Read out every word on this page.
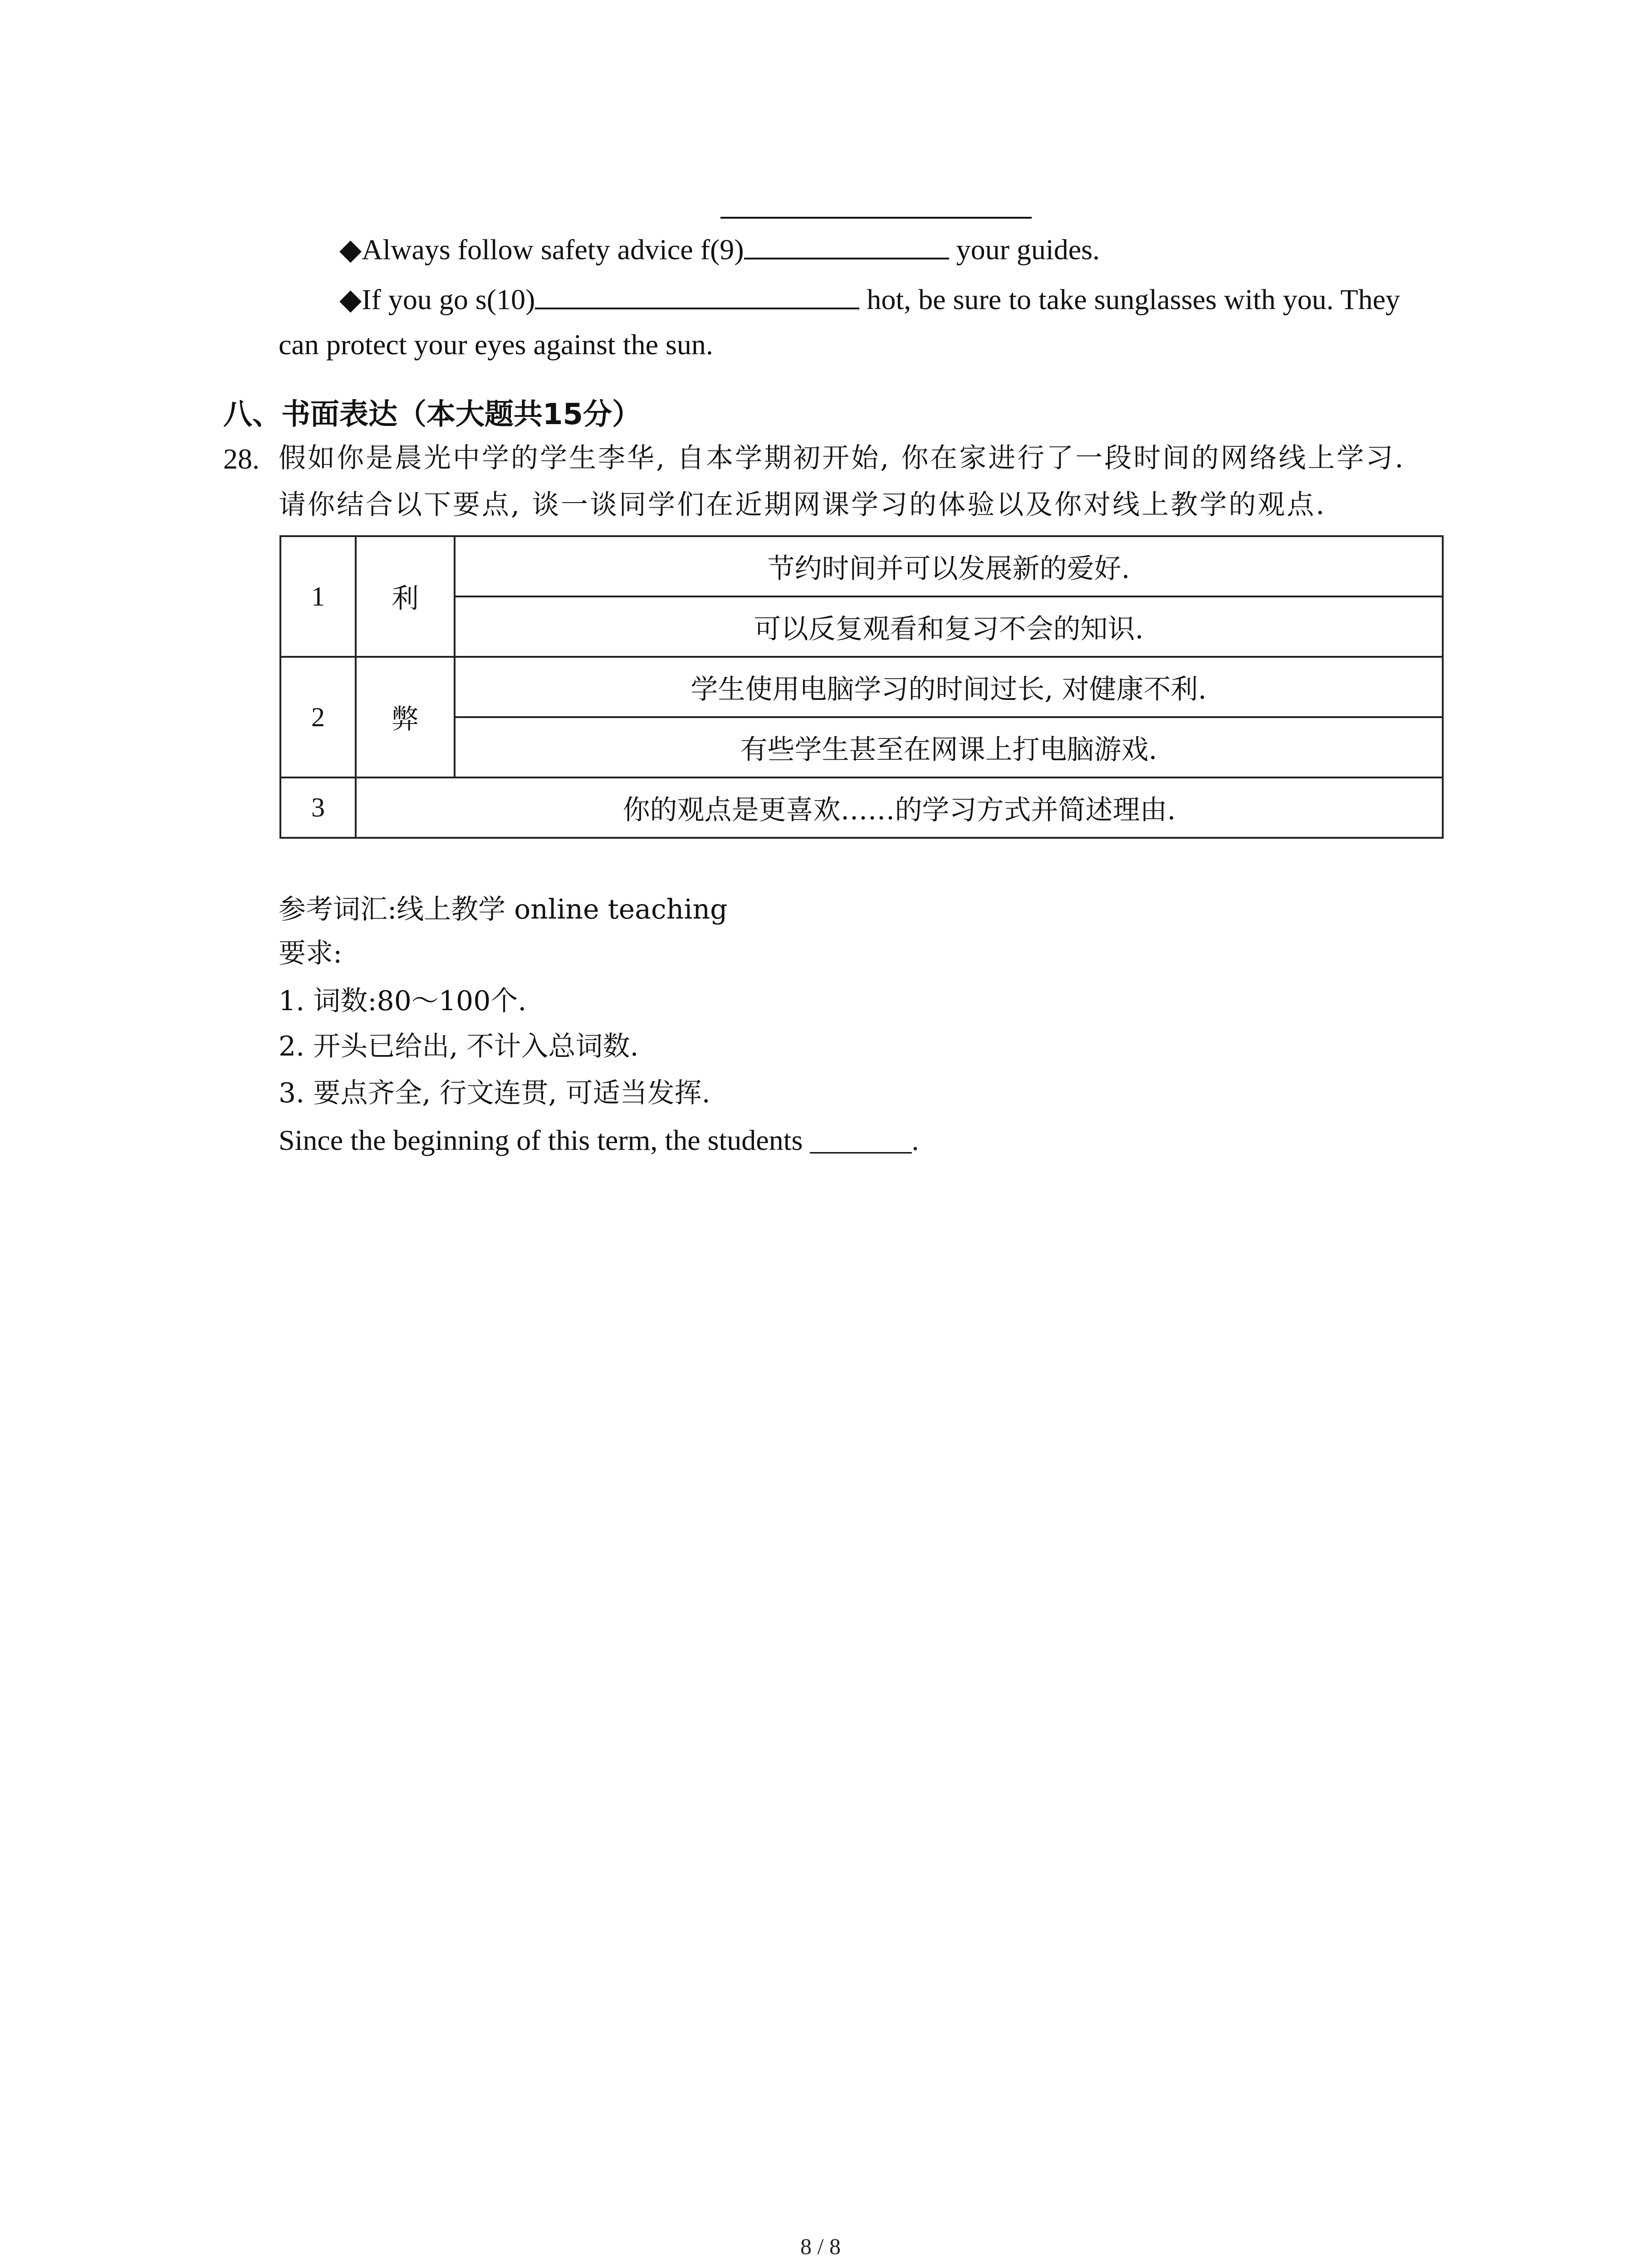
◆Always follow safety advice f(9)	your guides.
◆If you go s(10)	hot, be sure to take sunglasses with you. They
can protect your eyes against the sun.
八、书面表达（本大题共15分）
28. 假如你是晨光中学的学生李华, 自本学期初开始, 你在家进行了一段时间的网络线上学习.
请你结合以下要点, 谈一谈同学们在近期网课学习的体验以及你对线上教学的观点.
1	利	节约时间并可以发展新的爱好.
		可以反复观看和复习不会的知识.
2	弊	学生使用电脑学习的时间过长, 对健康不利.
		有些学生甚至在网课上打电脑游戏.
3	你的观点是更喜欢……的学习方式并简述理由.	
参考词汇:线上教学 online teaching
要求:
1. 词数:80～100个.
2. 开头已给出, 不计入总词数.
3. 要点齐全, 行文连贯, 可适当发挥.
Since the beginning of this term, the students _______.
8 / 8
